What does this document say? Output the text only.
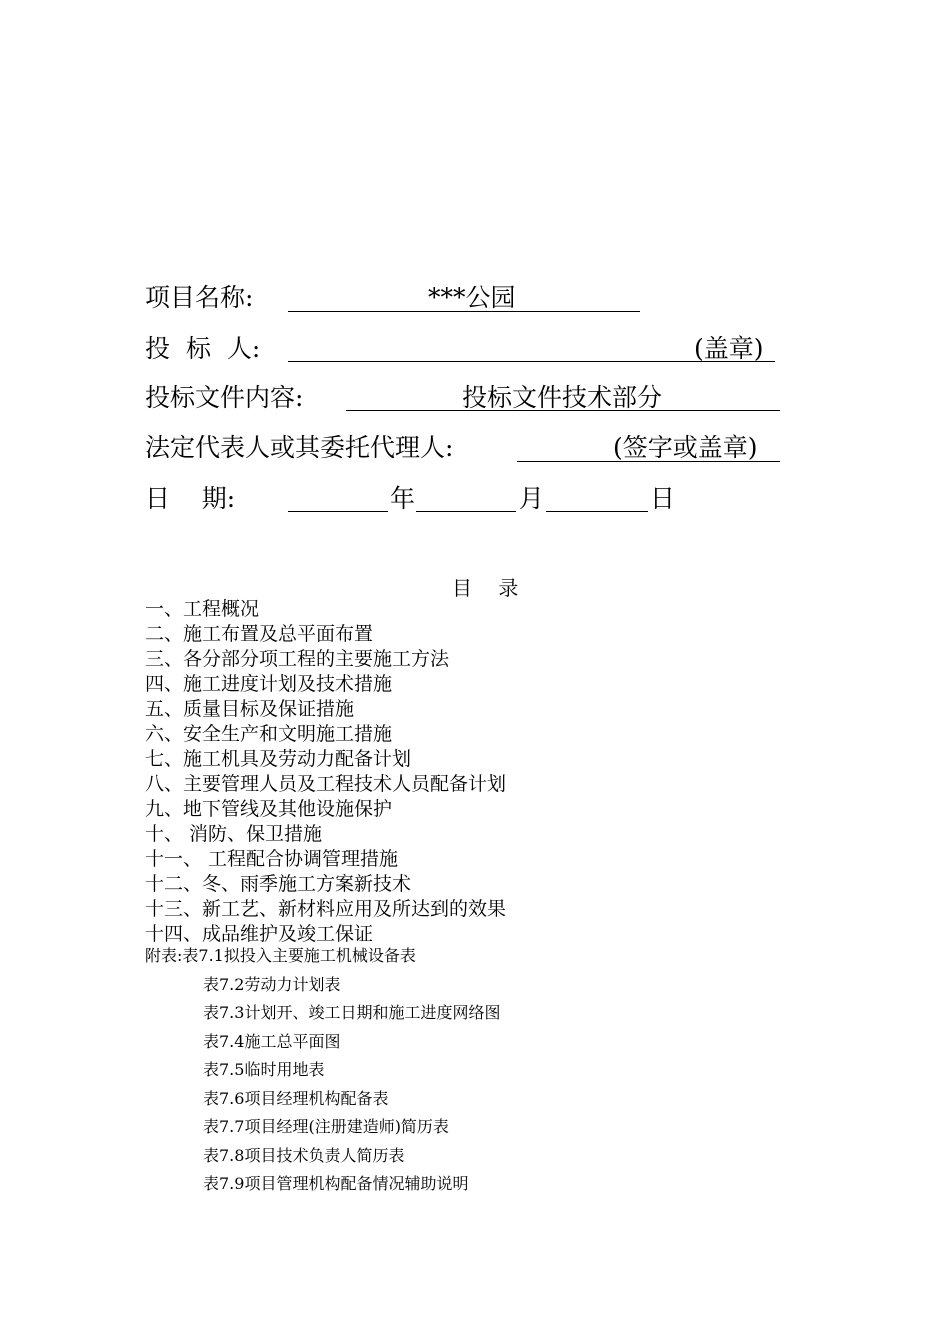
项目名称:	***公园
投 标 人:	(盖章)
投标文件内容:	投标文件技术部分
法定代表人或其委托代理人:	(签字或盖章)
日    期:	年	月	日
目 录
一、工程概况
二、施工布置及总平面布置
三、各分部分项工程的主要施工方法
四、施工进度计划及技术措施
五、质量目标及保证措施
六、安全生产和文明施工措施
七、施工机具及劳动力配备计划
八、主要管理人员及工程技术人员配备计划
九、地下管线及其他设施保护
十、 消防、保卫措施
十一、 工程配合协调管理措施
十二、冬、雨季施工方案新技术
十三、新工艺、新材料应用及所达到的效果
十四、成品维护及竣工保证
附表:表7.1拟投入主要施工机械设备表
表7.2劳动力计划表
表7.3计划开、竣工日期和施工进度网络图
表7.4施工总平面图
表7.5临时用地表
表7.6项目经理机构配备表
表7.7项目经理(注册建造师)简历表
表7.8项目技术负责人简历表
表7.9项目管理机构配备情况辅助说明
